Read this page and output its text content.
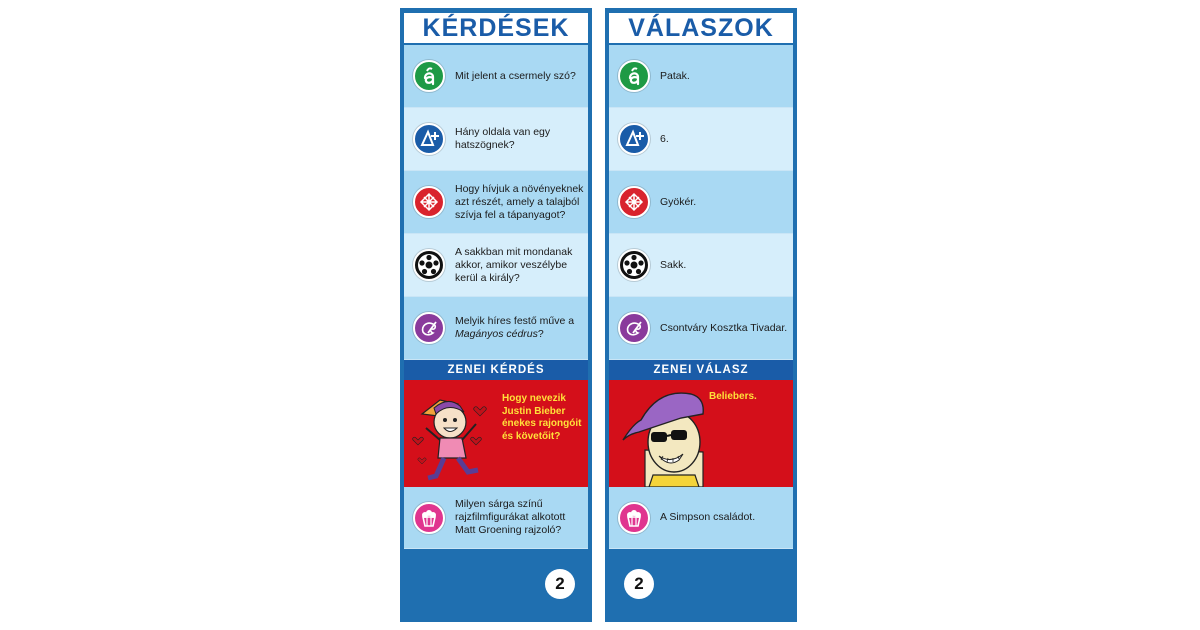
KÉRDÉSEK
Mit jelent a csermely szó?
Hány oldala van egy hatszögnek?
Hogy hívjuk a növényeknek azt részét, amely a talajból szívja fel a tápanyagot?
A sakkban mit mondanak akkor, amikor veszélybe kerül a király?
Melyik híres festő műve a Magányos cédrus?
ZENEI KÉRDÉS
Hogy nevezik Justin Bieber énekes rajongóit és követőit?
Milyen sárga színű rajzfilmfigurákat alkotott Matt Groening rajzoló?
2
VÁLASZOK
Patak.
6.
Gyökér.
Sakk.
Csontváry Kosztka Tivadar.
ZENEI VÁLASZ
Beliebers.
A Simpson családot.
2
